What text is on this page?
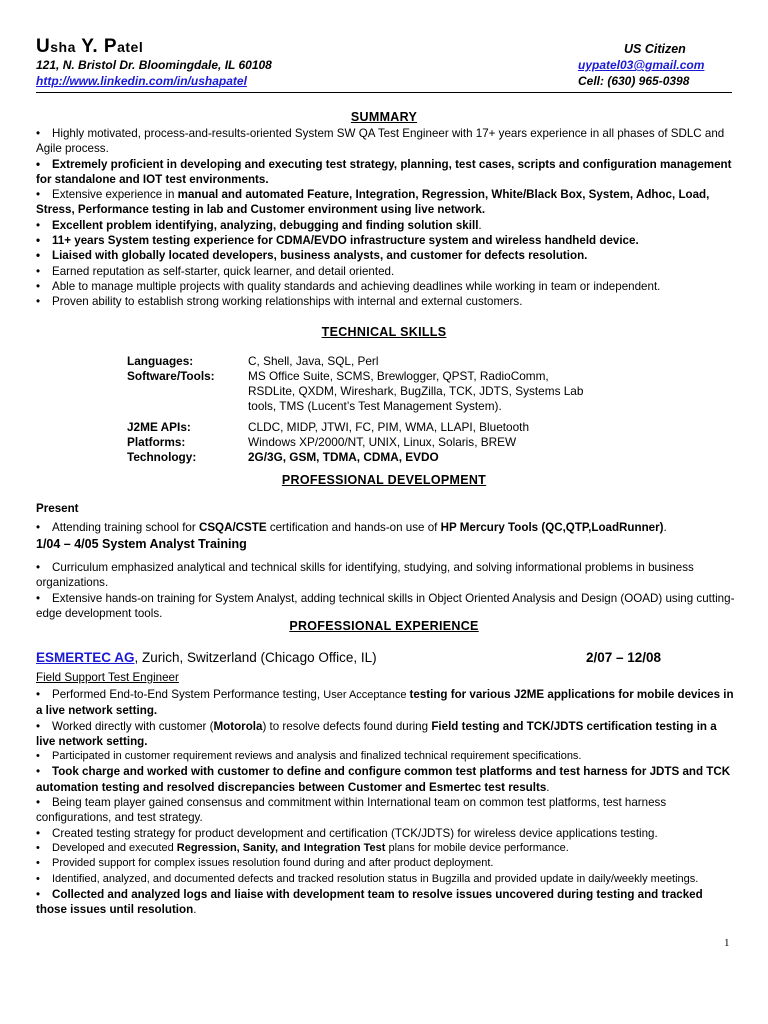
Usha Y. Patel
121, N. Bristol Dr. Bloomingdale, IL 60108
http://www.linkedin.com/in/ushapatel
US Citizen
uypatel03@gmail.com
Cell: (630) 965-0398
SUMMARY

• Highly motivated, process-and-results-oriented System SW QA Test Engineer with 17+ years experience in all phases of SDLC and Agile process.

• Extremely proficient in developing and executing test strategy, planning, test cases, scripts and configuration management for standalone and IOT test environments.

• Extensive experience in manual and automated Feature, Integration, Regression, White/Black Box, System, Adhoc, Load, Stress, Performance testing in lab and Customer environment using live network.

• Excellent problem identifying, analyzing, debugging and finding solution skill.

• 11+ years System testing experience for CDMA/EVDO infrastructure system and wireless handheld device.

• Liaised with globally located developers, business analysts, and customer for defects resolution.

• Earned reputation as self-starter, quick learner, and detail oriented.

• Able to manage multiple projects with quality standards and achieving deadlines while working in team or independent.

• Proven ability to establish strong working relationships with internal and external customers.

TECHNICAL SKILLS
Languages:	C, Shell, Java, SQL, Perl
Software/Tools:	MS Office Suite, SCMS, Brewlogger, QPST, RadioComm, RSDLite, QXDM, Wireshark, BugZilla, TCK, JDTS, Systems Lab tools, TMS (Lucent’s Test Management System).
J2ME APIs:	CLDC, MIDP, JTWI, FC, PIM, WMA, LLAPI, Bluetooth
Platforms:	Windows XP/2000/NT, UNIX, Linux, Solaris, BREW
Technology:	2G/3G, GSM, TDMA, CDMA, EVDO
PROFESSIONAL DEVELOPMENT
Present

• Attending training school for CSQA/CSTE certification and hands-on use of HP Mercury Tools (QC,QTP,LoadRunner).

1/04 – 4/05 System Analyst Training

• Curriculum emphasized analytical and technical skills for identifying, studying, and solving informational problems in business organizations.

• Extensive hands-on training for System Analyst, adding technical skills in Object Oriented Analysis and Design (OOAD) using cutting-edge development tools.

PROFESSIONAL EXPERIENCE
ESMERTEC AG, Zurich, Switzerland (Chicago Office, IL)	2/07 – 12/08
Field Support Test Engineer

• Performed End-to-End System Performance testing, User Acceptance testing for various J2ME applications for mobile devices in a live network setting.

• Worked directly with customer (Motorola) to resolve defects found during Field testing and TCK/JDTS certification testing in a live network setting.

• Participated in customer requirement reviews and analysis and finalized technical requirement specifications.

• Took charge and worked with customer to define and configure common test platforms and test harness for JDTS and TCK automation testing and resolved discrepancies between Customer and Esmertec test results.

• Being team player gained consensus and commitment within International team on common test platforms, test harness configurations, and test strategy.

• Created testing strategy for product development and certification (TCK/JDTS) for wireless device applications testing.

• Developed and executed Regression, Sanity, and Integration Test plans for mobile device performance.

• Provided support for complex issues resolution found during and after product deployment.

• Identified, analyzed, and documented defects and tracked resolution status in Bugzilla and provided update in daily/weekly meetings.

• Collected and analyzed logs and liaise with development team to resolve issues uncovered during testing and tracked those issues until resolution.

1
